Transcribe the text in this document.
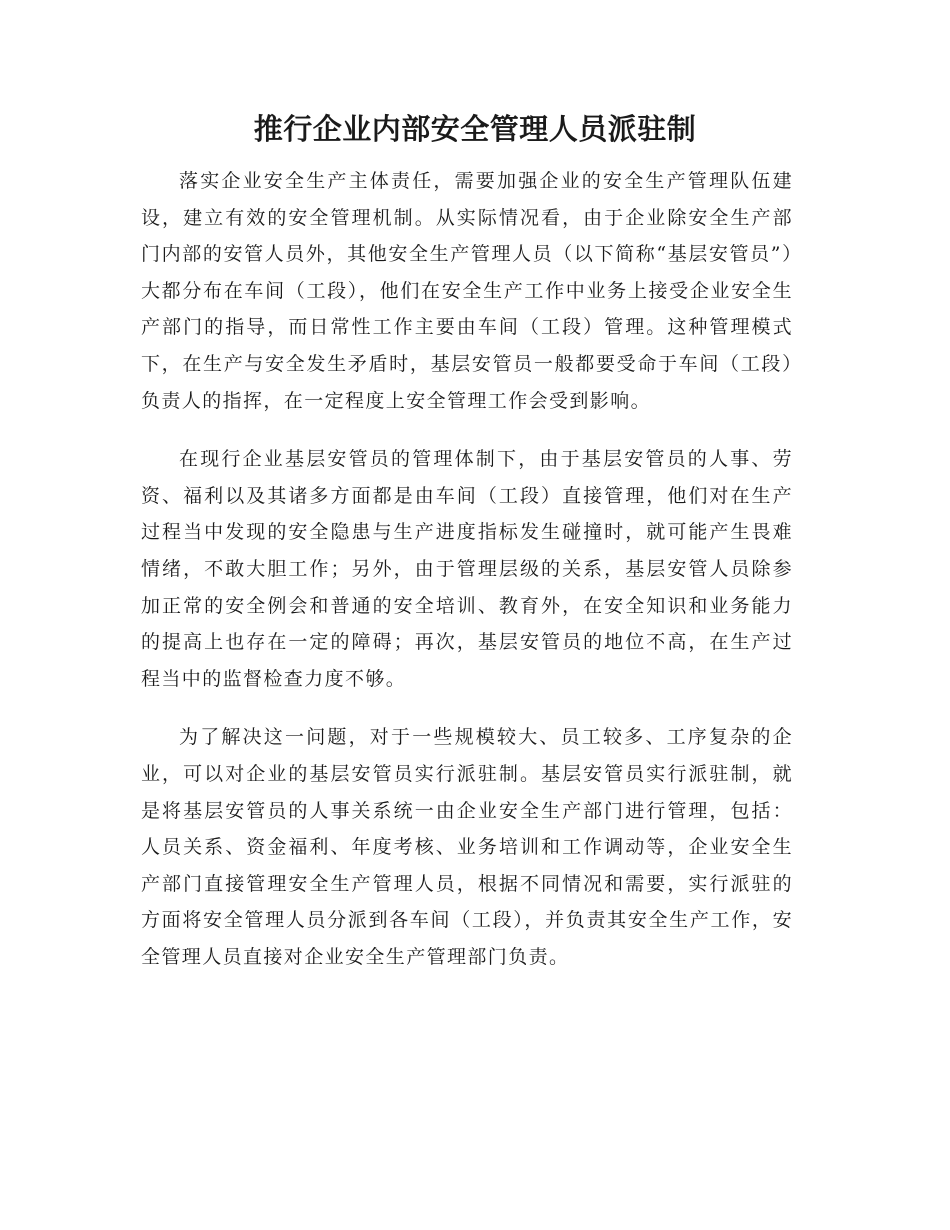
推行企业内部安全管理人员派驻制

落实企业安全生产主体责任，需要加强企业的安全生产管理队伍建设，建立有效的安全管理机制。从实际情况看，由于企业除安全生产部门内部的安管人员外，其他安全生产管理人员（以下简称“基层安管员”）大都分布在车间（工段），他们在安全生产工作中业务上接受企业安全生产部门的指导，而日常性工作主要由车间（工段）管理。这种管理模式下，在生产与安全发生矛盾时，基层安管员一般都要受命于车间（工段）负责人的指挥，在一定程度上安全管理工作会受到影响。

在现行企业基层安管员的管理体制下，由于基层安管员的人事、劳资、福利以及其诸多方面都是由车间（工段）直接管理，他们对在生产过程当中发现的安全隐患与生产进度指标发生碰撞时，就可能产生畏难情绪，不敢大胆工作；另外，由于管理层级的关系，基层安管人员除参加正常的安全例会和普通的安全培训、教育外，在安全知识和业务能力的提高上也存在一定的障碍；再次，基层安管员的地位不高，在生产过程当中的监督检查力度不够。

为了解决这一问题，对于一些规模较大、员工较多、工序复杂的企业，可以对企业的基层安管员实行派驻制。基层安管员实行派驻制，就是将基层安管员的人事关系统一由企业安全生产部门进行管理，包括：人员关系、资金福利、年度考核、业务培训和工作调动等，企业安全生产部门直接管理安全生产管理人员，根据不同情况和需要，实行派驻的方面将安全管理人员分派到各车间（工段），并负责其安全生产工作，安全管理人员直接对企业安全生产管理部门负责。
